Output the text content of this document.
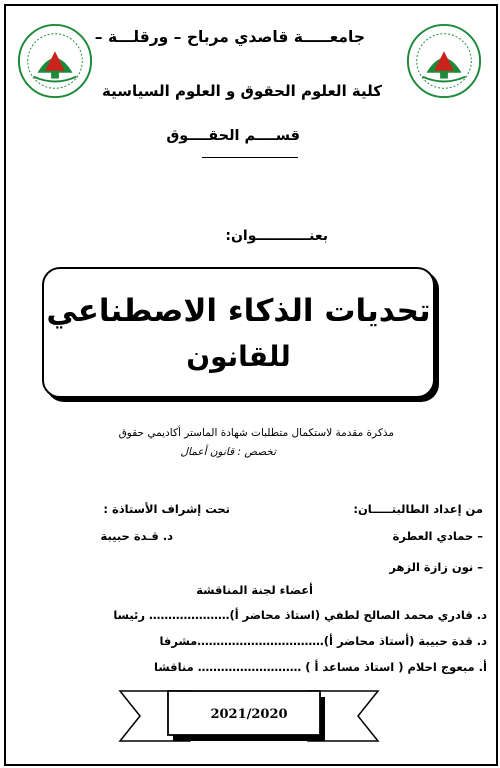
جامعـــــة قاصدي مرباح – ورقلـــة –
كلية العلوم الحقوق و العلوم السياسية
قســــم الحقــــوق
بعنـــــــــــوان:
تحديات الذكاء الاصطناعي
للقانون
مذكرة مقدمة لاستكمال متطلبات شهادة الماستر أكاديمي حقوق
تخصص : قانون أعمال
من إعداد الطالبتـــــان:
تحت إشراف الأستاذة :
– حمادي العطرة
– نون زازة الزهر
د. قـدة حبيبة
أعضاء لجنة المناقشة
د. قادري محمد الصالح لطفي (استاذ محاضر أ)………………… رئيسا
د. قدة حبيبة (أستاذ محاضر أ)……………………………مشرفا
أ. مبعوج احلام ( استاذ مساعد أ ) ……………………… مناقشا
2021/2020
